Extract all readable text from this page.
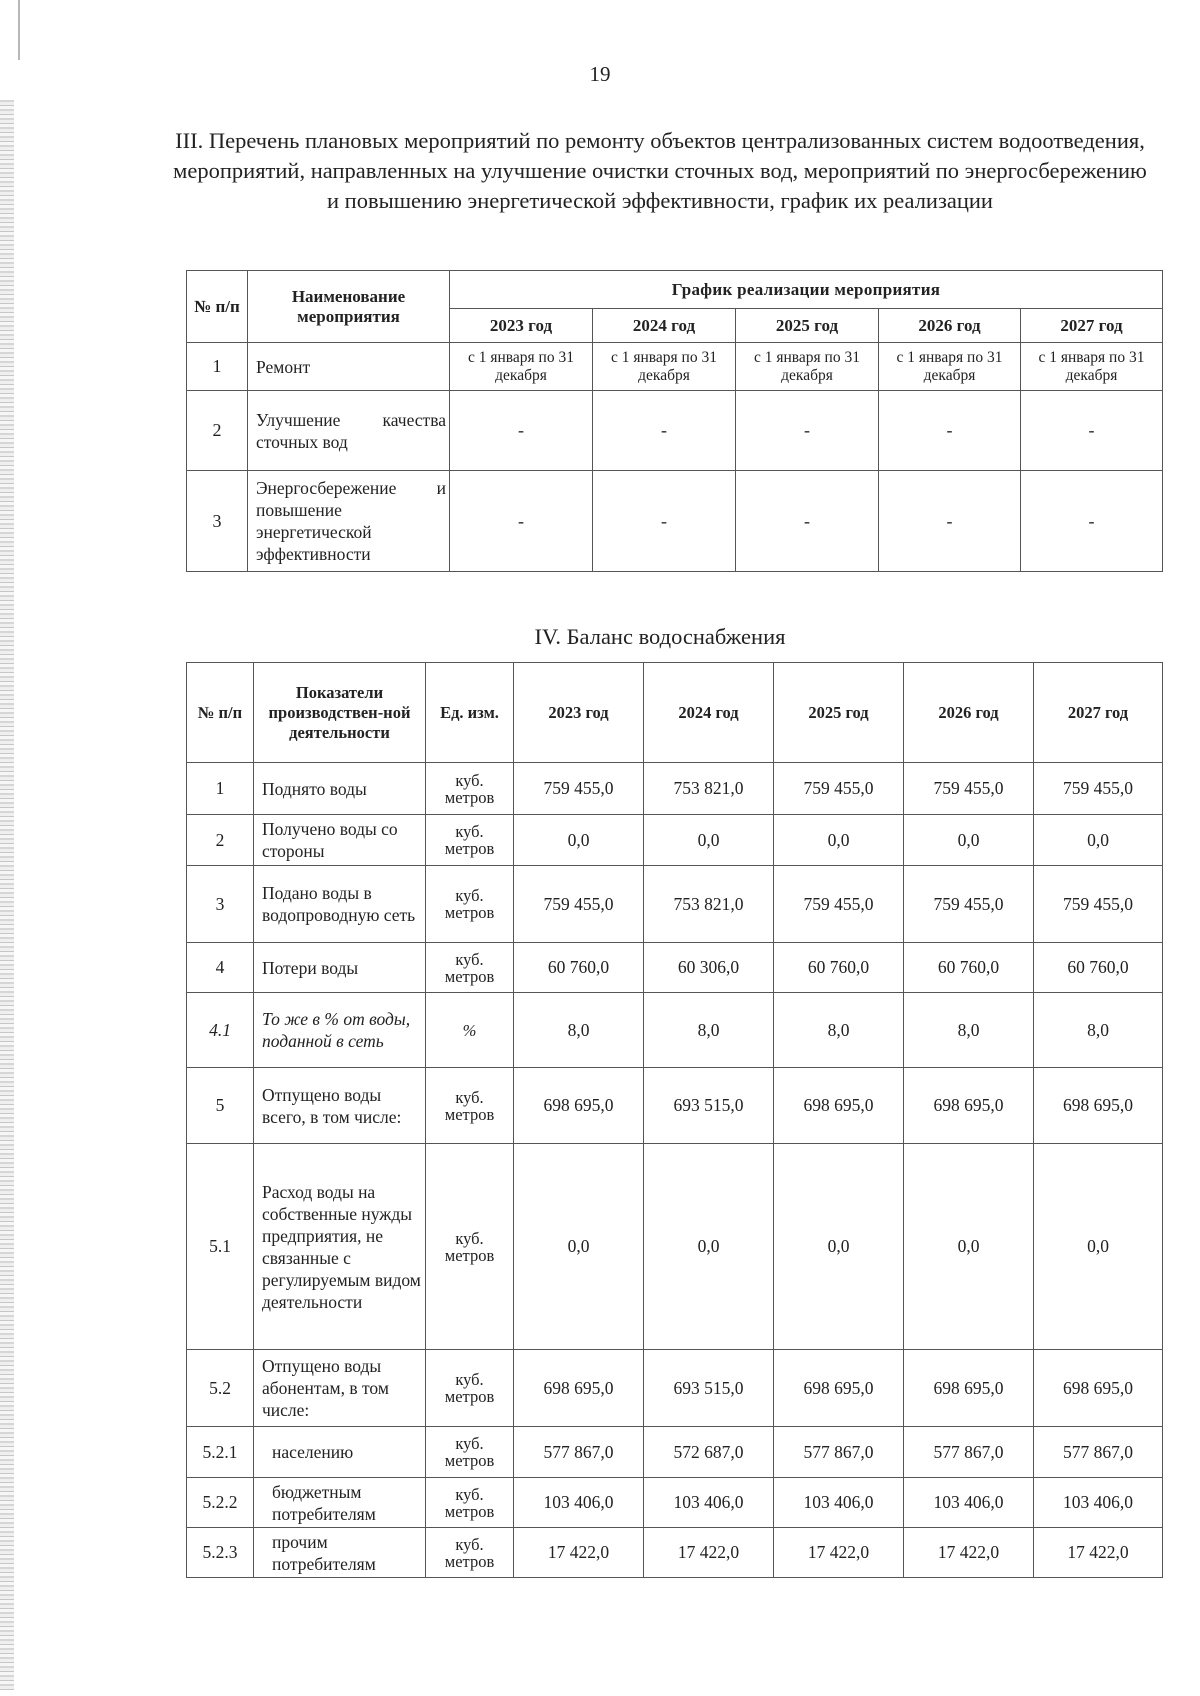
19
III. Перечень плановых мероприятий по ремонту объектов централизованных систем водоотведения, мероприятий, направленных на улучшение очистки сточных вод, мероприятий по энергосбережению и повышению энергетической эффективности, график их реализации
№ п/п	Наименование мероприятия	График реализации мероприятия				
		2023 год	2024 год	2025 год	2026 год	2027 год
1	Ремонт	с 1 января по 31 декабря	с 1 января по 31 декабря	с 1 января по 31 декабря	с 1 января по 31 декабря	с 1 января по 31 декабря
2	Улучшение качества сточных вод	-	-	-	-	-
3	Энергосбережение и повышение энергетической эффективности	-	-	-	-	-
IV. Баланс водоснабжения
№ п/п	Показатели производствен-ной деятельности	Ед. изм.	2023 год	2024 год	2025 год	2026 год	2027 год
1	Поднято воды	куб. метров	759 455,0	753 821,0	759 455,0	759 455,0	759 455,0
2	Получено воды со стороны	куб. метров	0,0	0,0	0,0	0,0	0,0
3	Подано воды в водопроводную сеть	куб. метров	759 455,0	753 821,0	759 455,0	759 455,0	759 455,0
4	Потери воды	куб. метров	60 760,0	60 306,0	60 760,0	60 760,0	60 760,0
4.1	То же в % от воды, поданной в сеть	%	8,0	8,0	8,0	8,0	8,0
5	Отпущено воды всего, в том числе:	куб. метров	698 695,0	693 515,0	698 695,0	698 695,0	698 695,0
5.1	Расход воды на собственные нужды предприятия, не связанные с регулируемым видом деятельности	куб. метров	0,0	0,0	0,0	0,0	0,0
5.2	Отпущено воды абонентам, в том числе:	куб. метров	698 695,0	693 515,0	698 695,0	698 695,0	698 695,0
5.2.1	населению	куб. метров	577 867,0	572 687,0	577 867,0	577 867,0	577 867,0
5.2.2	бюджетным потребителям	куб. метров	103 406,0	103 406,0	103 406,0	103 406,0	103 406,0
5.2.3	прочим потребителям	куб. метров	17 422,0	17 422,0	17 422,0	17 422,0	17 422,0
